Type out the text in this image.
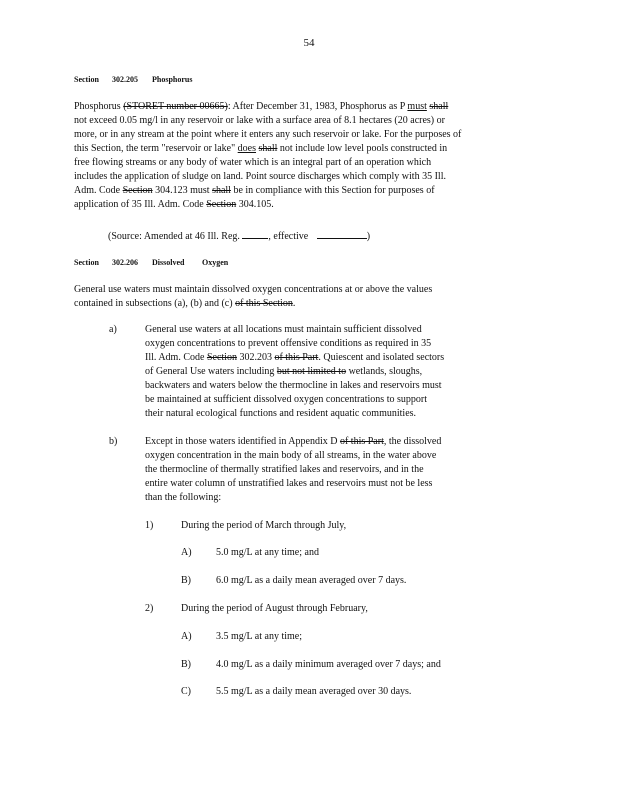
54
Section 302.205 Phosphorus
Phosphorus (STORET number 00665): After December 31, 1983, Phosphorus as P must shall
not exceed 0.05 mg/l in any reservoir or lake with a surface area of 8.1 hectares (20 acres) or
more, or in any stream at the point where it enters any such reservoir or lake. For the purposes of
this Section, the term "reservoir or lake" does shall not include low level pools constructed in
free flowing streams or any body of water which is an integral part of an operation which
includes the application of sludge on land. Point source discharges which comply with 35 Ill.
Adm. Code Section 304.123 must shall be in compliance with this Section for purposes of
application of 35 Ill. Adm. Code Section 304.105.
(Source: Amended at 46 Ill. Reg.	, effective	)
Section 302.206 Dissolved Oxygen
General use waters must maintain dissolved oxygen concentrations at or above the values
contained in subsections (a), (b) and (c) of this Section.
a)	General use waters at all locations must maintain sufficient dissolved
oxygen concentrations to prevent offensive conditions as required in 35
Ill. Adm. Code Section 302.203 of this Part. Quiescent and isolated sectors
of General Use waters including but not limited to wetlands, sloughs,
backwaters and waters below the thermocline in lakes and reservoirs must
be maintained at sufficient dissolved oxygen concentrations to support
their natural ecological functions and resident aquatic communities.
b)	Except in those waters identified in Appendix D of this Part, the dissolved
oxygen concentration in the main body of all streams, in the water above
the thermocline of thermally stratified lakes and reservoirs, and in the
entire water column of unstratified lakes and reservoirs must not be less
than the following:
1)	During the period of March through July,
A) 5.0 mg/L at any time; and
B)	6.0 mg/L as a daily mean averaged over 7 days.
2)	During the period of August through February,
A) 3.5 mg/L at any time;
B)	4.0 mg/L as a daily minimum averaged over 7 days; and
C)	5.5 mg/L as a daily mean averaged over 30 days.
